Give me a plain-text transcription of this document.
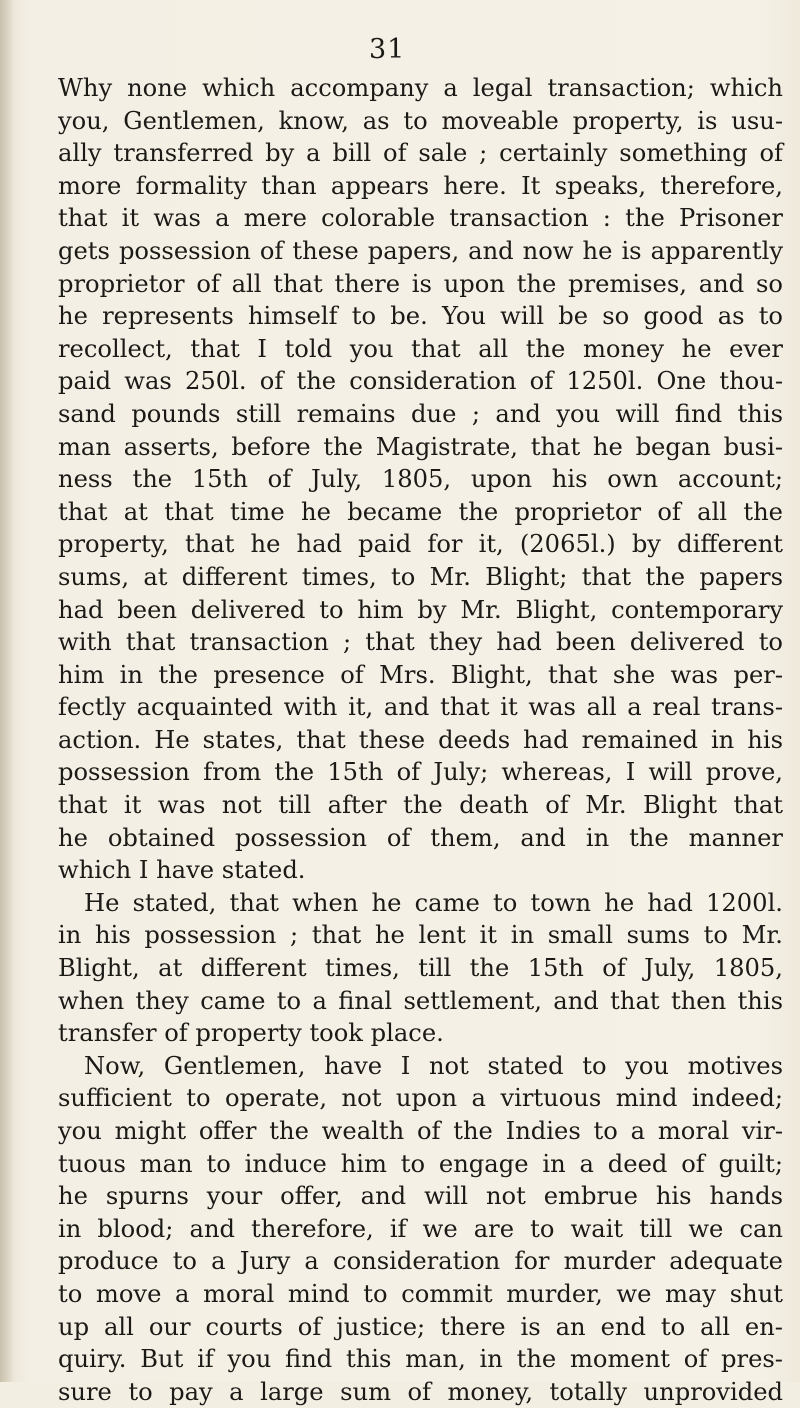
31
Why none which accompany a legal transaction; which
you, Gentlemen, know, as to moveable property, is usu-
ally transferred by a bill of sale ; certainly something of
more formality than appears here. It speaks, therefore,
that it was a mere colorable transaction : the Prisoner
gets possession of these papers, and now he is apparently
proprietor of all that there is upon the premises, and so
he represents himself to be. You will be so good as to
recollect, that I told you that all the money he ever
paid was 250l. of the consideration of 1250l. One thou-
sand pounds still remains due ; and you will find this
man asserts, before the Magistrate, that he began busi-
ness the 15th of July, 1805, upon his own account;
that at that time he became the proprietor of all the
property, that he had paid for it, (2065l.) by different
sums, at different times, to Mr. Blight; that the papers
had been delivered to him by Mr. Blight, contemporary
with that transaction ; that they had been delivered to
him in the presence of Mrs. Blight, that she was per-
fectly acquainted with it, and that it was all a real trans-
action. He states, that these deeds had remained in his
possession from the 15th of July; whereas, I will prove,
that it was not till after the death of Mr. Blight that
he obtained possession of them, and in the manner
which I have stated.
He stated, that when he came to town he had 1200l.
in his possession ; that he lent it in small sums to Mr.
Blight, at different times, till the 15th of July, 1805,
when they came to a final settlement, and that then this
transfer of property took place.
Now, Gentlemen, have I not stated to you motives
sufficient to operate, not upon a virtuous mind indeed;
you might offer the wealth of the Indies to a moral vir-
tuous man to induce him to engage in a deed of guilt;
he spurns your offer, and will not embrue his hands
in blood; and therefore, if we are to wait till we can
produce to a Jury a consideration for murder adequate
to move a moral mind to commit murder, we may shut
up all our courts of justice; there is an end to all en-
quiry. But if you find this man, in the moment of pres-
sure to pay a large sum of money, totally unprovided
